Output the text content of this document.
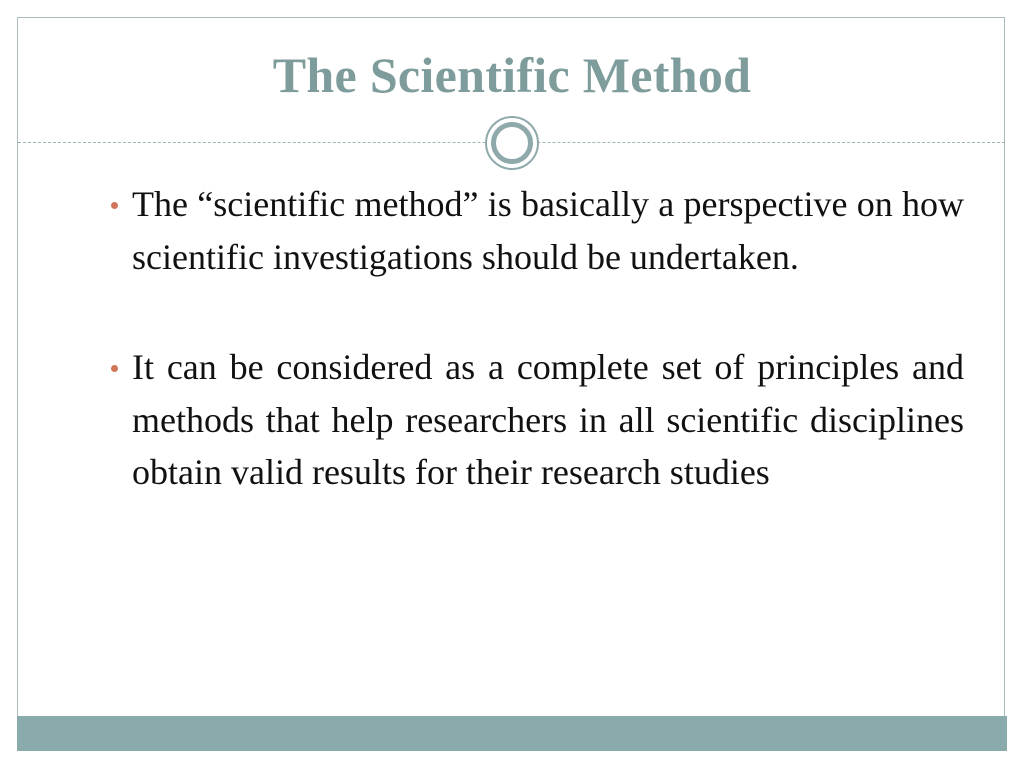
The Scientific Method
The “scientific method” is basically a perspective on how scientific investigations should be undertaken.
It can be considered as a complete set of principles and methods that help researchers in all scientific disciplines obtain valid results for their research studies
